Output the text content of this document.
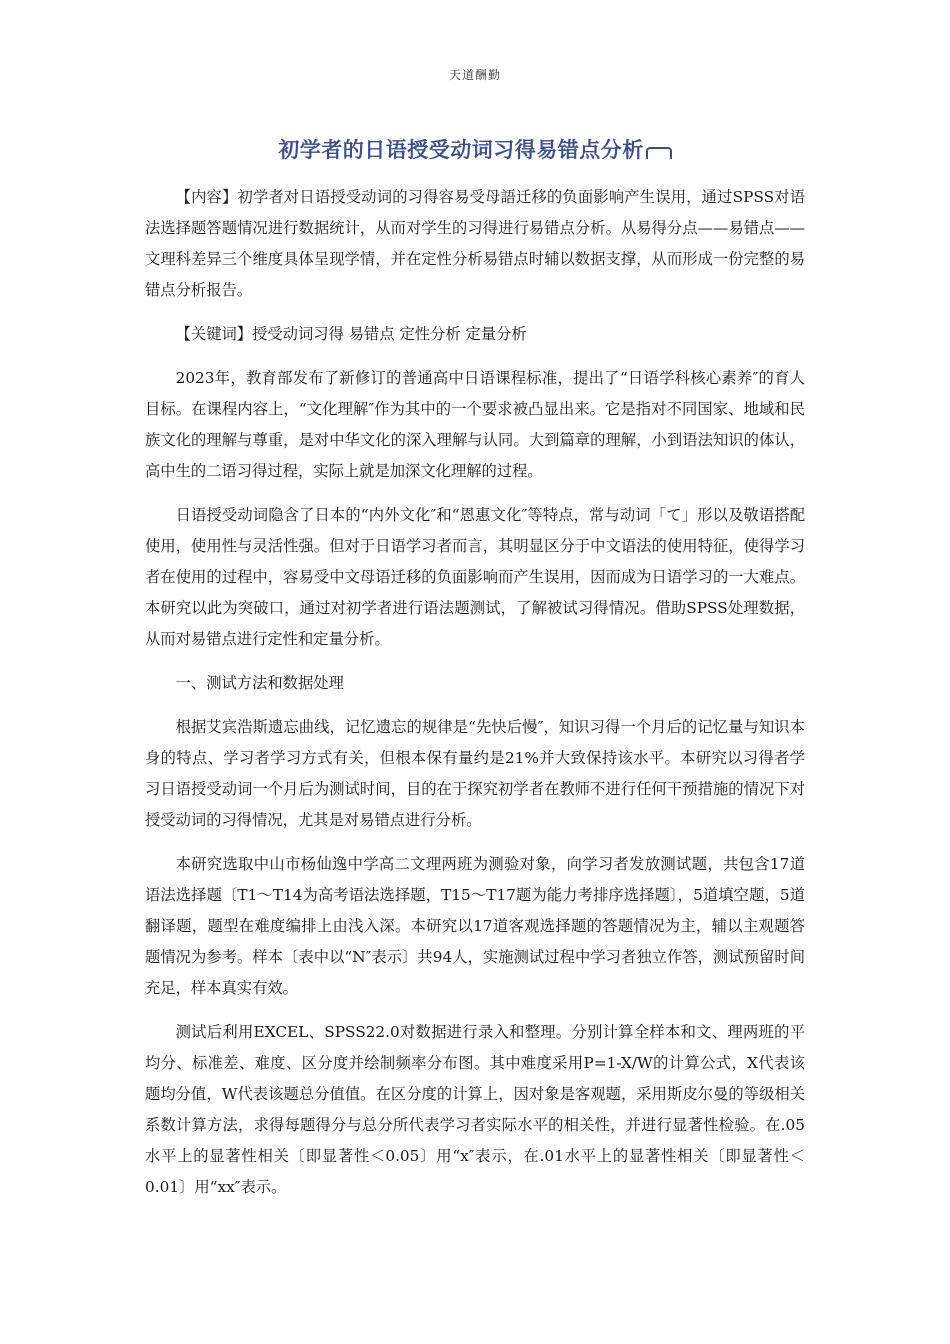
天道酬勤
初学者的日语授受动词习得易错点分析

【内容】初学者对日语授受动词的习得容易受母語迁移的负面影响产生误用，通过SPSS对语法选择题答题情况进行数据统计，从而对学生的习得进行易错点分析。从易得分点——易错点——文理科差异三个维度具体呈现学情，并在定性分析易错点时辅以数据支撑，从而形成一份完整的易错点分析报告。

【关键词】授受动词习得 易错点 定性分析 定量分析

2023年，教育部发布了新修订的普通高中日语课程标准，提出了“日语学科核心素养″的育人目标。在课程内容上，“文化理解″作为其中的一个要求被凸显出来。它是指对不同国家、地域和民族文化的理解与尊重，是对中华文化的深入理解与认同。大到篇章的理解，小到语法知识的体认，高中生的二语习得过程，实际上就是加深文化理解的过程。

日语授受动词隐含了日本的“内外文化″和“恩惠文化″等特点，常与动词「て」形以及敬语搭配使用，使用性与灵活性强。但对于日语学习者而言，其明显区分于中文语法的使用特征，使得学习者在使用的过程中，容易受中文母语迁移的负面影响而产生误用，因而成为日语学习的一大难点。本研究以此为突破口，通过对初学者进行语法题测试，了解被试习得情况。借助SPSS处理数据，从而对易错点进行定性和定量分析。

一、测试方法和数据处理

根据艾宾浩斯遗忘曲线，记忆遗忘的规律是“先快后慢″，知识习得一个月后的记忆量与知识本身的特点、学习者学习方式有关，但根本保有量约是21%并大致保持该水平。本研究以习得者学习日语授受动词一个月后为测试时间，目的在于探究初学者在教师不进行任何干预措施的情况下对授受动词的习得情况，尤其是对易错点进行分析。

本研究选取中山市杨仙逸中学高二文理两班为测验对象，向学习者发放测试题，共包含17道语法选择题〔T1～T14为高考语法选择题，T15～T17题为能力考排序选择题〕，5道填空题，5道翻译题，题型在难度编排上由浅入深。本研究以17道客观选择题的答题情况为主，辅以主观题答题情况为参考。样本〔表中以“N″表示〕共94人，实施测试过程中学习者独立作答，测试预留时间充足，样本真实有效。

测试后利用EXCEL、SPSS22.0对数据进行录入和整理。分别计算全样本和文、理两班的平均分、标准差、难度、区分度并绘制频率分布图。其中难度采用P=1-X/W的计算公式，X代表该题均分值，W代表该题总分值值。在区分度的计算上，因对象是客观题，采用斯皮尔曼的等级相关系数计算方法，求得每题得分与总分所代表学习者实际水平的相关性，并进行显著性检验。在.05水平上的显著性相关〔即显著性＜0.05〕用“x″表示，在.01水平上的显著性相关〔即显著性＜0.01〕用“xx″表示。
